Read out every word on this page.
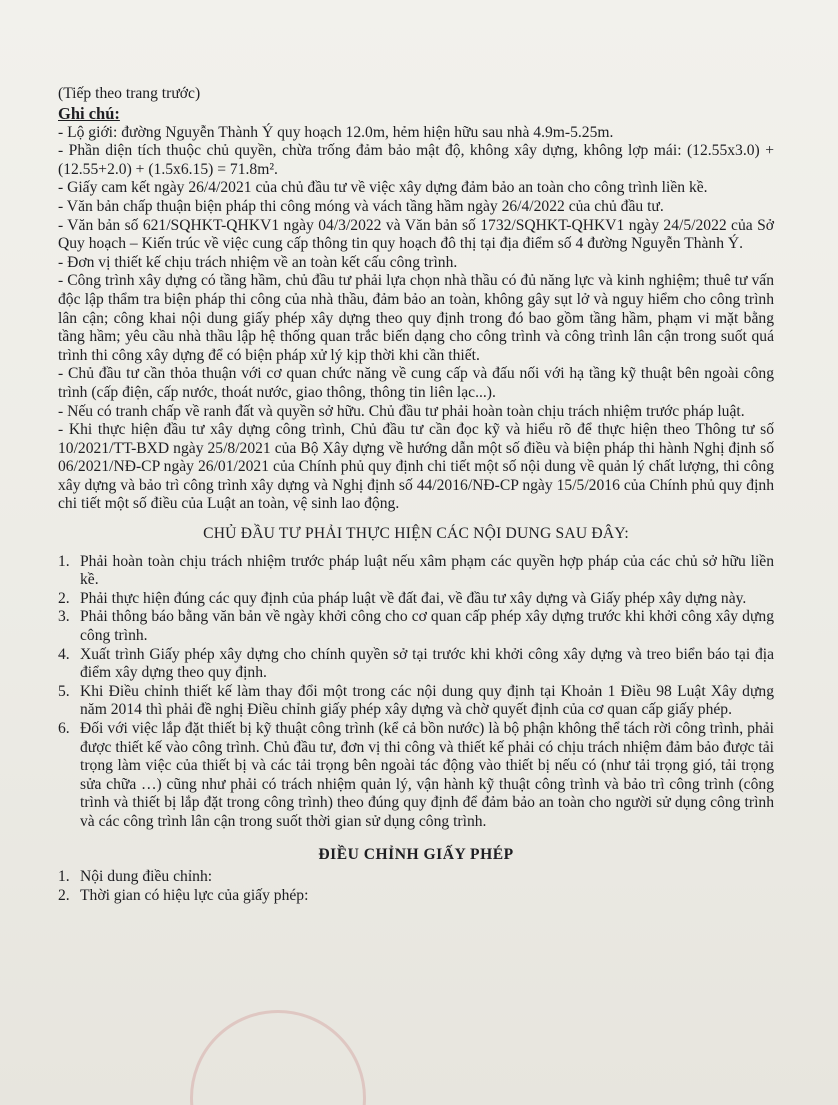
(Tiếp theo trang trước)

Ghi chú:

- Lộ giới: đường Nguyễn Thành Ý quy hoạch 12.0m, hẻm hiện hữu sau nhà 4.9m-5.25m.

- Phần diện tích thuộc chủ quyền, chừa trống đảm bảo mật độ, không xây dựng, không lợp mái: (12.55x3.0) + (12.55+2.0) + (1.5x6.15) = 71.8m².

- Giấy cam kết ngày 26/4/2021 của chủ đầu tư về việc xây dựng đảm bảo an toàn cho công trình liền kề.

- Văn bản chấp thuận biện pháp thi công móng và vách tầng hầm ngày 26/4/2022 của chủ đầu tư.

- Văn bản số 621/SQHKT-QHKV1 ngày 04/3/2022 và Văn bản số 1732/SQHKT-QHKV1 ngày 24/5/2022 của Sở Quy hoạch – Kiến trúc về việc cung cấp thông tin quy hoạch đô thị tại địa điểm số 4 đường Nguyễn Thành Ý.

- Đơn vị thiết kế chịu trách nhiệm về an toàn kết cấu công trình.

- Công trình xây dựng có tầng hầm, chủ đầu tư phải lựa chọn nhà thầu có đủ năng lực và kinh nghiệm; thuê tư vấn độc lập thẩm tra biện pháp thi công của nhà thầu, đảm bảo an toàn, không gây sụt lở và nguy hiểm cho công trình lân cận; công khai nội dung giấy phép xây dựng theo quy định trong đó bao gồm tầng hầm, phạm vi mặt bằng tầng hầm; yêu cầu nhà thầu lập hệ thống quan trắc biến dạng cho công trình và công trình lân cận trong suốt quá trình thi công xây dựng để có biện pháp xử lý kịp thời khi cần thiết.

- Chủ đầu tư cần thỏa thuận với cơ quan chức năng về cung cấp và đấu nối với hạ tầng kỹ thuật bên ngoài công trình (cấp điện, cấp nước, thoát nước, giao thông, thông tin liên lạc...).

- Nếu có tranh chấp về ranh đất và quyền sở hữu. Chủ đầu tư phải hoàn toàn chịu trách nhiệm trước pháp luật.

- Khi thực hiện đầu tư xây dựng công trình, Chủ đầu tư cần đọc kỹ và hiểu rõ để thực hiện theo Thông tư số 10/2021/TT-BXD ngày 25/8/2021 của Bộ Xây dựng về hướng dẫn một số điều và biện pháp thi hành Nghị định số 06/2021/NĐ-CP ngày 26/01/2021 của Chính phủ quy định chi tiết một số nội dung về quản lý chất lượng, thi công xây dựng và bảo trì công trình xây dựng và Nghị định số 44/2016/NĐ-CP ngày 15/5/2016 của Chính phủ quy định chi tiết một số điều của Luật an toàn, vệ sinh lao động.

CHỦ ĐẦU TƯ PHẢI THỰC HIỆN CÁC NỘI DUNG SAU ĐÂY:

1. Phải hoàn toàn chịu trách nhiệm trước pháp luật nếu xâm phạm các quyền hợp pháp của các chủ sở hữu liền kề.
2. Phải thực hiện đúng các quy định của pháp luật về đất đai, về đầu tư xây dựng và Giấy phép xây dựng này.
3. Phải thông báo bằng văn bản về ngày khởi công cho cơ quan cấp phép xây dựng trước khi khởi công xây dựng công trình.
4. Xuất trình Giấy phép xây dựng cho chính quyền sở tại trước khi khởi công xây dựng và treo biển báo tại địa điểm xây dựng theo quy định.
5. Khi Điều chỉnh thiết kế làm thay đổi một trong các nội dung quy định tại Khoản 1 Điều 98 Luật Xây dựng năm 2014 thì phải đề nghị Điều chỉnh giấy phép xây dựng và chờ quyết định của cơ quan cấp giấy phép.
6. Đối với việc lắp đặt thiết bị kỹ thuật công trình (kể cả bồn nước) là bộ phận không thể tách rời công trình, phải được thiết kế vào công trình. Chủ đầu tư, đơn vị thi công và thiết kế phải có chịu trách nhiệm đảm bảo được tải trọng làm việc của thiết bị và các tải trọng bên ngoài tác động vào thiết bị nếu có (như tải trọng gió, tải trọng sửa chữa …) cũng như phải có trách nhiệm quản lý, vận hành kỹ thuật công trình và bảo trì công trình (công trình và thiết bị lắp đặt trong công trình) theo đúng quy định để đảm bảo an toàn cho người sử dụng công trình và các công trình lân cận trong suốt thời gian sử dụng công trình.

ĐIỀU CHỈNH GIẤY PHÉP

1. Nội dung điều chỉnh:
2. Thời gian có hiệu lực của giấy phép:
